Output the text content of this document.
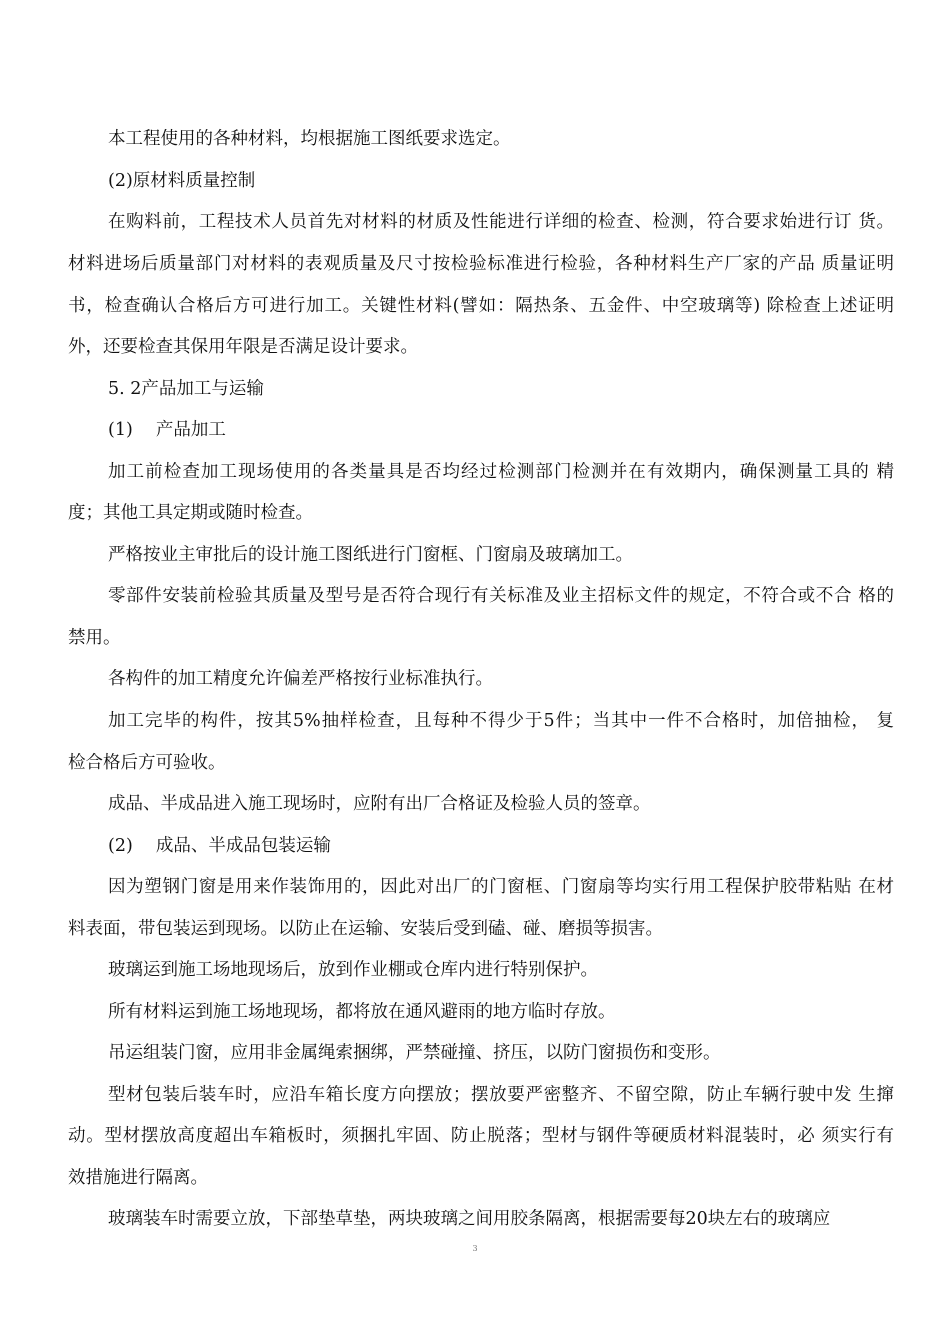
本工程使用的各种材料，均根据施工图纸要求选定。
(2)原材料质量控制
在购料前，工程技术人员首先对材料的材质及性能进行详细的检查、检测，符合要求始进行订 货。
材料进场后质量部门对材料的表观质量及尺寸按检验标准进行检验，各种材料生产厂家的产品 质量证明
书，检查确认合格后方可进行加工。关键性材料(譬如：隔热条、五金件、中空玻璃等) 除检查上述证明
外，还要检查其保用年限是否满足设计要求。
5. 2产品加工与运输
(1)　 产品加工
加工前检查加工现场使用的各类量具是否均经过检测部门检测并在有效期内，确保测量工具的 精
度；其他工具定期或随时检查。
严格按业主审批后的设计施工图纸进行门窗框、门窗扇及玻璃加工。
零部件安装前检验其质量及型号是否符合现行有关标准及业主招标文件的规定，不符合或不合 格的
禁用。
各构件的加工精度允许偏差严格按行业标准执行。
加工完毕的构件，按其5%抽样检查，且每种不得少于5件；当其中一件不合格时，加倍抽检， 复
检合格后方可验收。
成品、半成品进入施工现场时，应附有出厂合格证及检验人员的签章。
(2)　 成品、半成品包装运输
因为塑钢门窗是用来作装饰用的，因此对出厂的门窗框、门窗扇等均实行用工程保护胶带粘贴 在材
料表面，带包装运到现场。以防止在运输、安装后受到磕、碰、磨损等损害。
玻璃运到施工场地现场后，放到作业棚或仓库内进行特别保护。
所有材料运到施工场地现场，都将放在通风避雨的地方临时存放。
吊运组装门窗，应用非金属绳索捆绑，严禁碰撞、挤压，以防门窗损伤和变形。
型材包装后装车时，应沿车箱长度方向摆放；摆放要严密整齐、不留空隙，防止车辆行驶中发 生撺
动。型材摆放高度超出车箱板时，须捆扎牢固、防止脱落；型材与钢件等硬质材料混装时，必 须实行有
效措施进行隔离。
玻璃装车时需要立放，下部垫草垫，两块玻璃之间用胶条隔离，根据需要每20块左右的玻璃应
3
